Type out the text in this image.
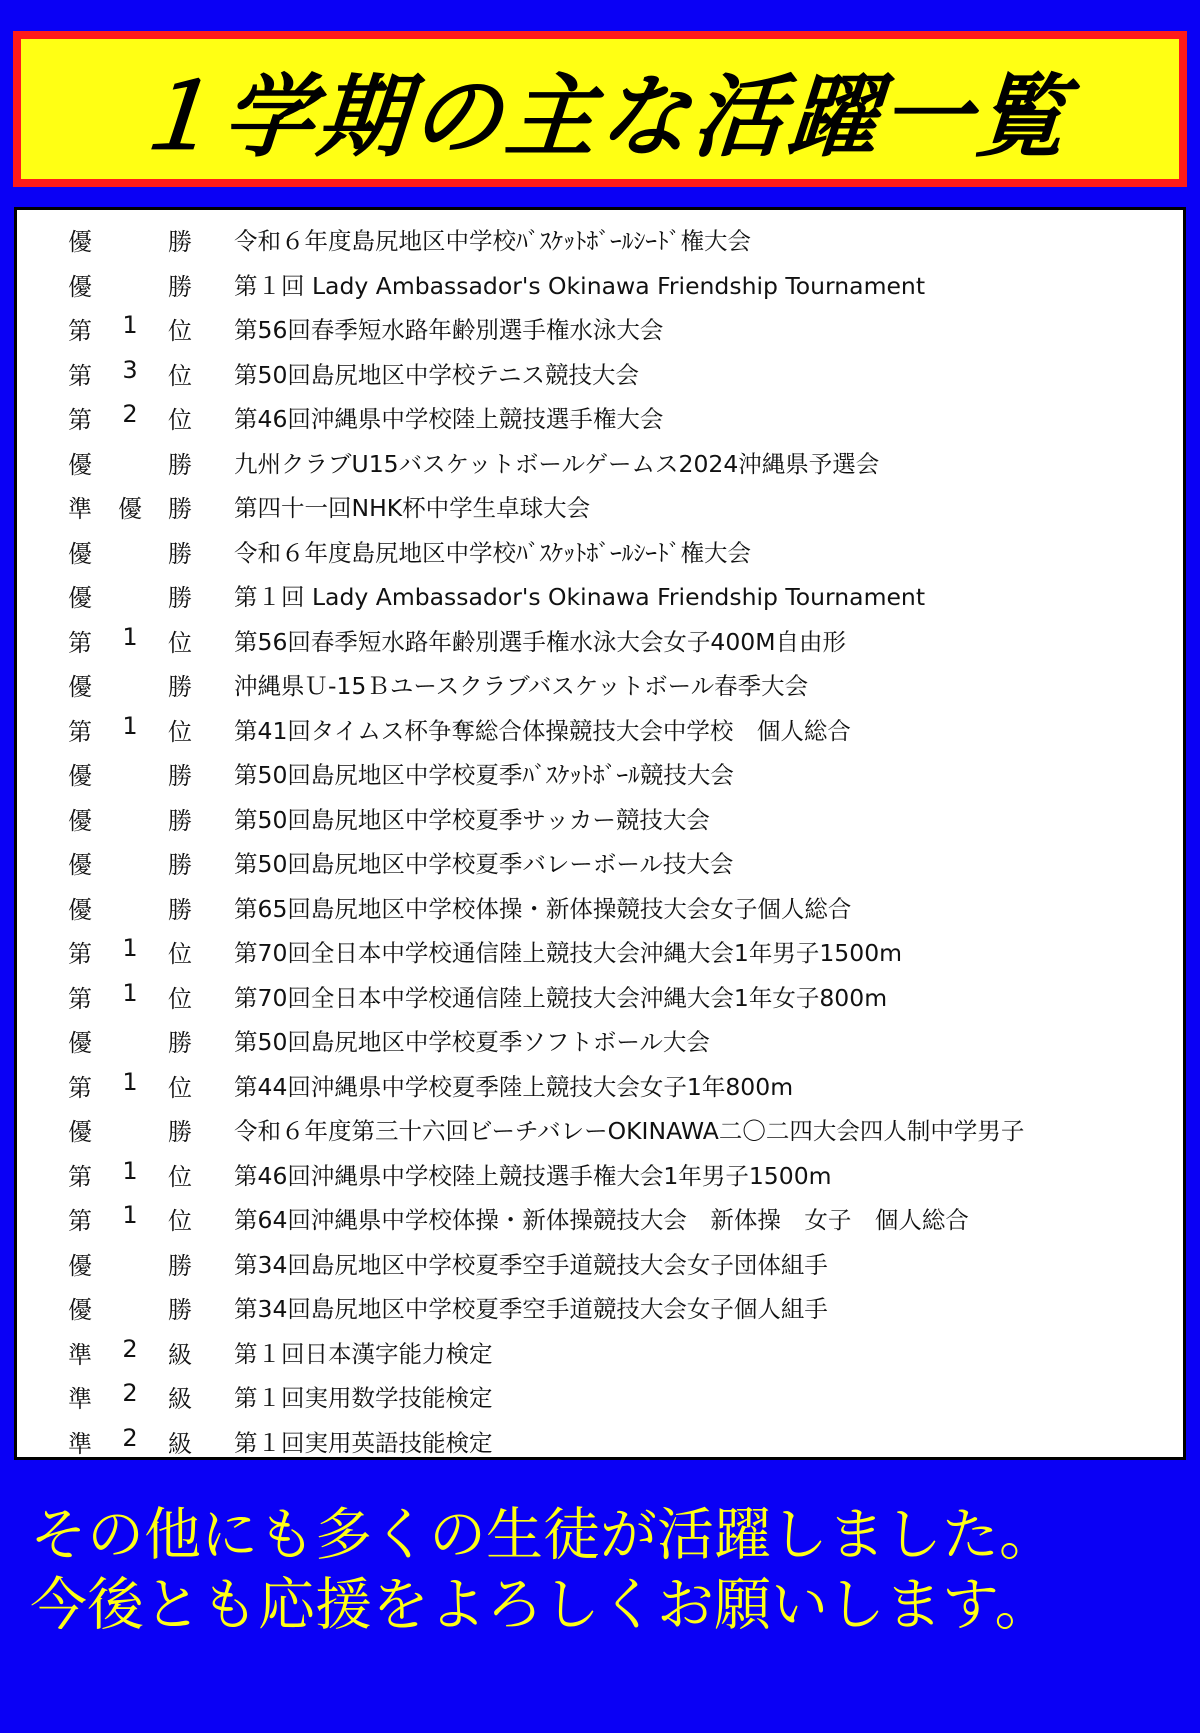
１学期の主な活躍一覧
優	勝 令和６年度島尻地区中学校ﾊﾞｽｹｯﾄﾎﾞｰﾙｼｰﾄﾞ権大会
優	勝 第１回 Lady Ambassador's Okinawa Friendship Tournament
第	1	位 第56回春季短水路年齢別選手権水泳大会
第	3	位 第50回島尻地区中学校テニス競技大会
第	2	位 第46回沖縄県中学校陸上競技選手権大会
優	勝 九州クラブU15バスケットボールゲームス2024沖縄県予選会
準 優 勝 第四十一回NHK杯中学生卓球大会
優	勝 令和６年度島尻地区中学校ﾊﾞｽｹｯﾄﾎﾞｰﾙｼｰﾄﾞ権大会
優	勝 第１回 Lady Ambassador's Okinawa Friendship Tournament
第	1	位 第56回春季短水路年齢別選手権水泳大会女子400M自由形
優	勝 沖縄県Ｕ-15Ｂユースクラブバスケットボール春季大会
第	1	位 第41回タイムス杯争奪総合体操競技大会中学校　個人総合
優	勝 第50回島尻地区中学校夏季ﾊﾞｽｹｯﾄﾎﾞｰﾙ競技大会
優	勝 第50回島尻地区中学校夏季サッカー競技大会
優	勝 第50回島尻地区中学校夏季バレーボール技大会
優	勝 第65回島尻地区中学校体操・新体操競技大会女子個人総合
第	1	位 第70回全日本中学校通信陸上競技大会沖縄大会1年男子1500m
第	1	位 第70回全日本中学校通信陸上競技大会沖縄大会1年女子800m
優	勝 第50回島尻地区中学校夏季ソフトボール大会
第	1	位 第44回沖縄県中学校夏季陸上競技大会女子1年800m
優	勝 令和６年度第三十六回ビーチバレーOKINAWA二〇二四大会四人制中学男子
第	1	位 第46回沖縄県中学校陸上競技選手権大会1年男子1500m
第	1	位 第64回沖縄県中学校体操・新体操競技大会　新体操　女子　個人総合
優	勝 第34回島尻地区中学校夏季空手道競技大会女子団体組手
優	勝 第34回島尻地区中学校夏季空手道競技大会女子個人組手
準	2	級 第１回日本漢字能力検定
準	2	級 第１回実用数学技能検定
準	2	級 第１回実用英語技能検定
その他にも多くの生徒が活躍しました。
今後とも応援をよろしくお願いします。
